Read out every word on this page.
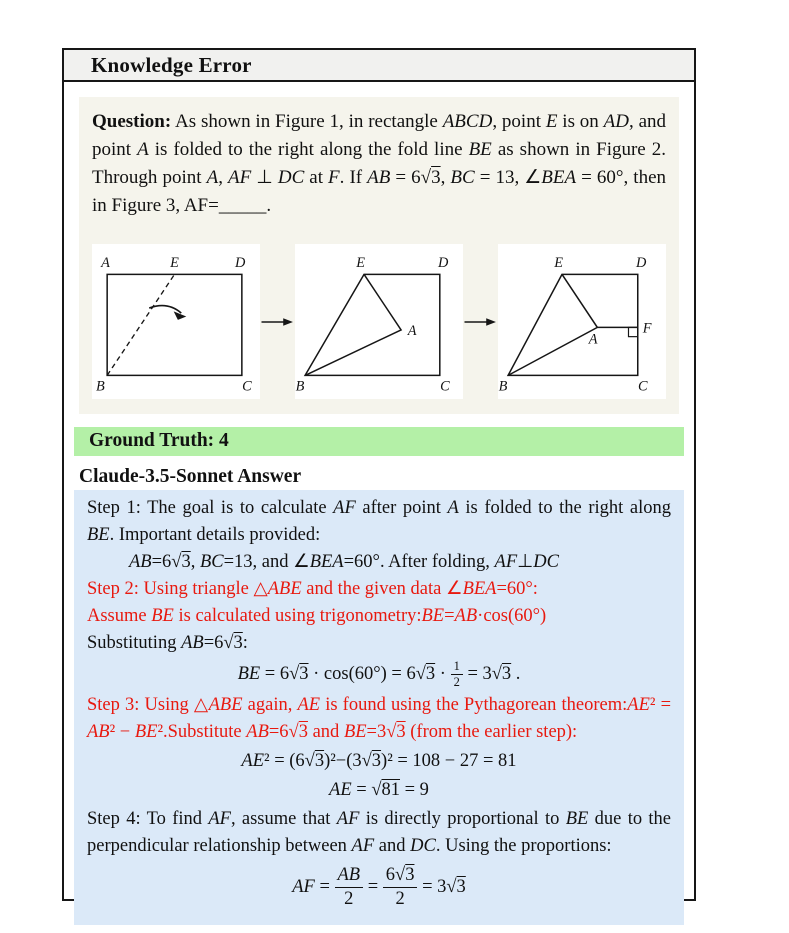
Knowledge Error

Question: As shown in Figure 1, in rectangle ABCD, point E is on AD, and point A is folded to the right along the fold line BE as shown in Figure 2. Through point A, AF ⊥ DC at F. If AB = 6√3, BC = 13, ∠BEA = 60°, then in Figure 3, AF=_____.

A	E	D
B	C
E	D
A
B	C
E	D
F
A
B	C
Ground Truth: 4
Claude-3.5-Sonnet Answer

Step 1: The goal is to calculate AF after point A is folded to the right along BE. Important details provided:

AB=6√3, BC=13, and ∠BEA=60°. After folding, AF⊥DC

Step 2: Using triangle △ABE and the given data ∠BEA=60°:

Assume BE is calculated using trigonometry:BE=AB·cos(60°)

Substituting AB=6√3:

BE = $6√3 \cdot \cos(60^\circ) = 6√3 \cdot \frac{1}{2} = 3√3$ .

Step 3: Using △ABE again, AE is found using the Pythagorean theorem:AE² = AB² − BE².Substitute AB=6√3 and BE=3√3 (from the earlier step):

AE² = (6√3)²−(3√3)² = 108 − 27 = 81
AE = √81 = 9

Step 4: To find AF, assume that AF is directly proportional to BE due to the perpendicular relationship between AF and DC. Using the proportions:

AF = $\frac{AB}{2} = \frac{6√3}{2} = 3√3$
